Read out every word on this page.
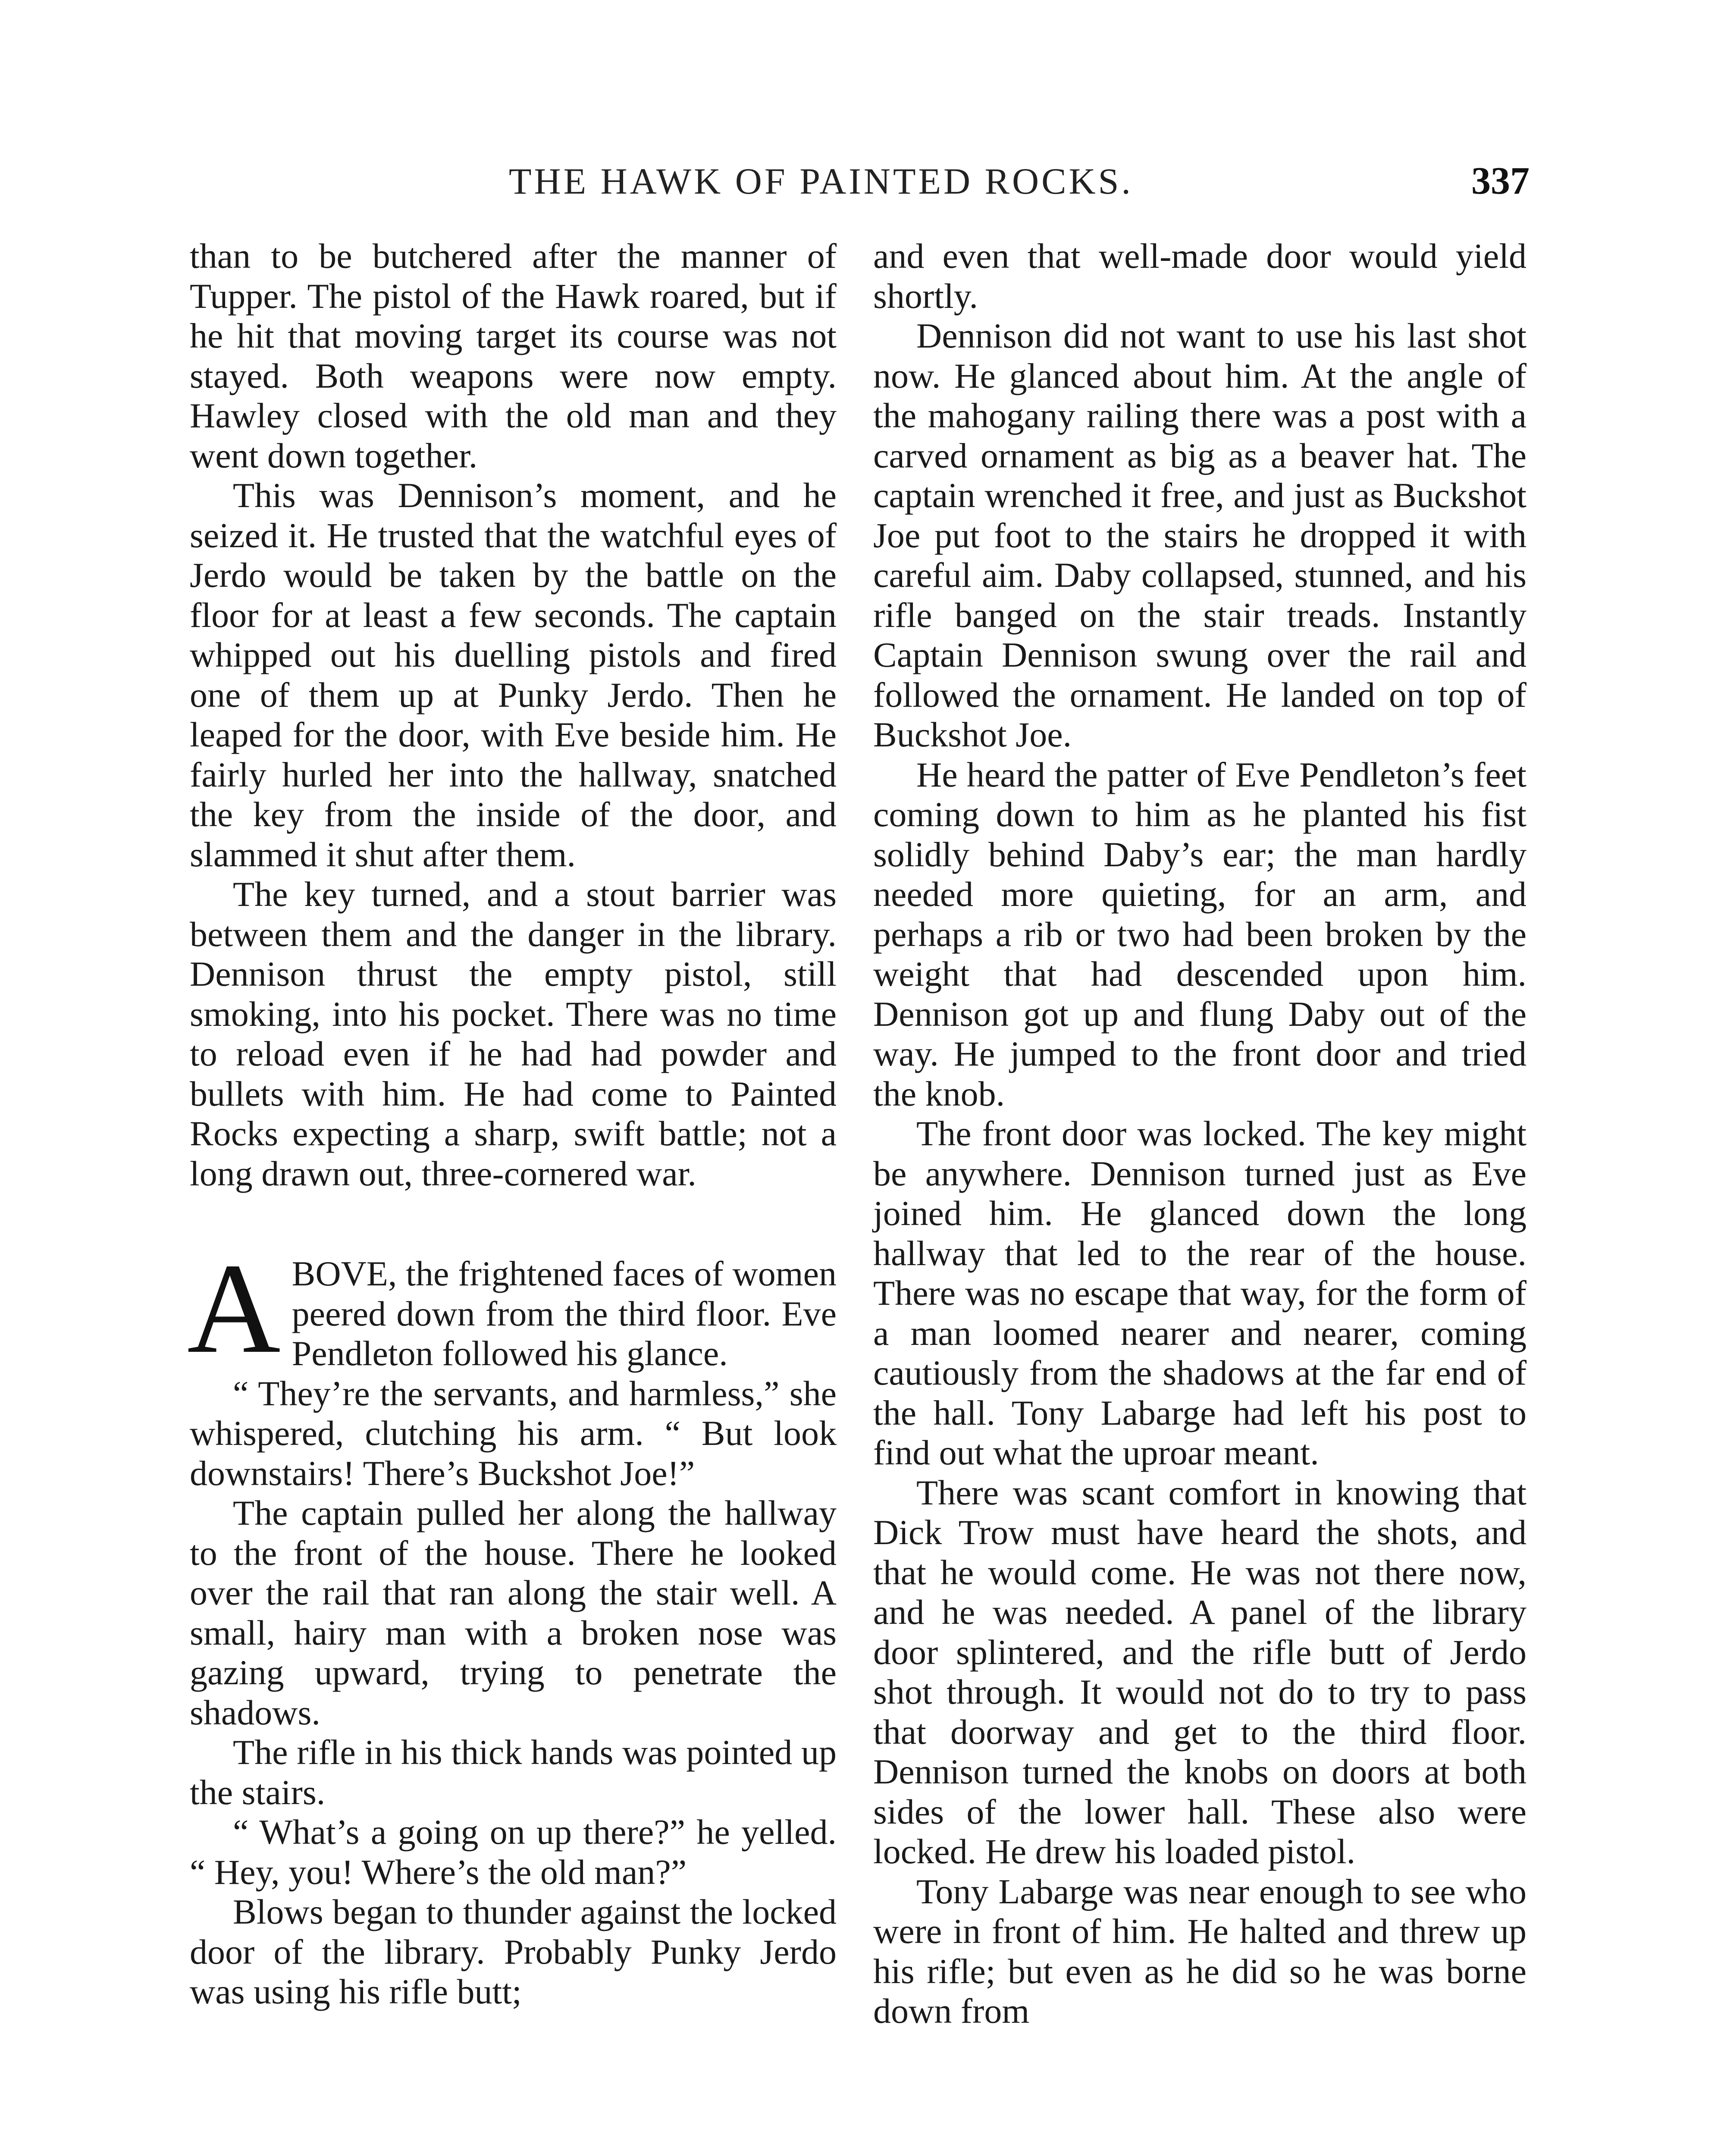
THE HAWK OF PAINTED ROCKS.	337

than to be butchered after the manner of Tupper. The pistol of the Hawk roared, but if he hit that moving target its course was not stayed. Both weapons were now empty. Hawley closed with the old man and they went down together.

This was Dennison’s moment, and he seized it. He trusted that the watchful eyes of Jerdo would be taken by the battle on the floor for at least a few seconds. The captain whipped out his duelling pistols and fired one of them up at Punky Jerdo. Then he leaped for the door, with Eve beside him. He fairly hurled her into the hallway, snatched the key from the inside of the door, and slammed it shut after them.

The key turned, and a stout barrier was between them and the danger in the library. Dennison thrust the empty pistol, still smoking, into his pocket. There was no time to reload even if he had had powder and bullets with him. He had come to Painted Rocks expecting a sharp, swift battle; not a long drawn out, three-cornered war.

ABOVE, the frightened faces of women peered down from the third floor. Eve Pendleton followed his glance.

“ They’re the servants, and harmless,” she whispered, clutching his arm. “ But look downstairs! There’s Buckshot Joe!”

The captain pulled her along the hallway to the front of the house. There he looked over the rail that ran along the stair well. A small, hairy man with a broken nose was gazing upward, trying to penetrate the shadows.

The rifle in his thick hands was pointed up the stairs.

“ What’s a going on up there?” he yelled. “ Hey, you! Where’s the old man?”

Blows began to thunder against the locked door of the library. Probably Punky Jerdo was using his rifle butt;

and even that well-made door would yield shortly.

Dennison did not want to use his last shot now. He glanced about him. At the angle of the mahogany railing there was a post with a carved ornament as big as a beaver hat. The captain wrenched it free, and just as Buckshot Joe put foot to the stairs he dropped it with careful aim. Daby collapsed, stunned, and his rifle banged on the stair treads. Instantly Captain Dennison swung over the rail and followed the ornament. He landed on top of Buckshot Joe.

He heard the patter of Eve Pendleton’s feet coming down to him as he planted his fist solidly behind Daby’s ear; the man hardly needed more quieting, for an arm, and perhaps a rib or two had been broken by the weight that had descended upon him. Dennison got up and flung Daby out of the way. He jumped to the front door and tried the knob.

The front door was locked. The key might be anywhere. Dennison turned just as Eve joined him. He glanced down the long hallway that led to the rear of the house. There was no escape that way, for the form of a man loomed nearer and nearer, coming cautiously from the shadows at the far end of the hall. Tony Labarge had left his post to find out what the uproar meant.

There was scant comfort in knowing that Dick Trow must have heard the shots, and that he would come. He was not there now, and he was needed. A panel of the library door splintered, and the rifle butt of Jerdo shot through. It would not do to try to pass that doorway and get to the third floor. Dennison turned the knobs on doors at both sides of the lower hall. These also were locked. He drew his loaded pistol.

Tony Labarge was near enough to see who were in front of him. He halted and threw up his rifle; but even as he did so he was borne down from
